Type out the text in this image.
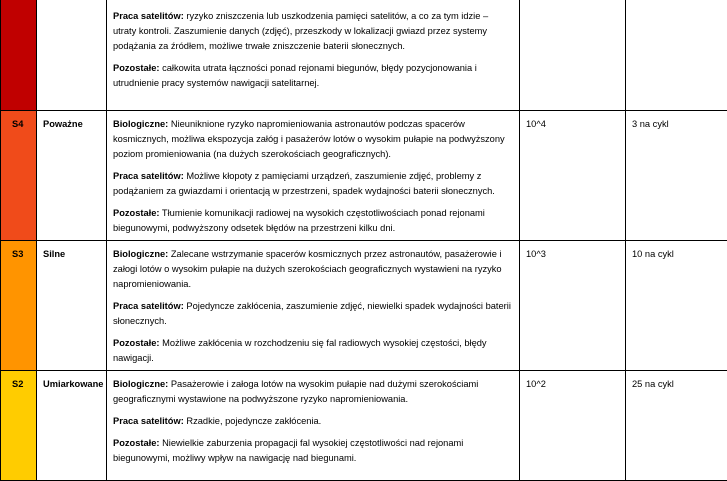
		Praca satelitów: ryzyko zniszczenia lub uszkodzenia pamięci satelitów, a co za tym idzie – utraty kontroli. Zaszumienie danych (zdjęć), przeszkody w lokalizacji gwiazd przez systemy podążania za źródłem, możliwe trwałe zniszczenie baterii słonecznych.
Pozostałe: całkowita utrata łączności ponad rejonami biegunów, błędy pozycjonowania i utrudnienie pracy systemów nawigacji satelitarnej.		

S4	Poważne	Biologiczne: Nieuniknione ryzyko napromieniowania astronautów podczas spacerów kosmicznych, możliwa ekspozycja załóg i pasażerów lotów o wysokim pułapie na podwyższony poziom promieniowania (na dużych szerokościach geograficznych).
Praca satelitów: Możliwe kłopoty z pamięciami urządzeń, zaszumienie zdjęć, problemy z podążaniem za gwiazdami i orientacją w przestrzeni, spadek wydajności baterii słonecznych.
Pozostałe: Tłumienie komunikacji radiowej na wysokich częstotliwościach ponad rejonami biegunowymi, podwyższony odsetek błędów na przestrzeni kilku dni.	10^4	3 na cykl
S3	Silne	Biologiczne: Zalecane wstrzymanie spacerów kosmicznych przez astronautów, pasażerowie i załogi lotów o wysokim pułapie na dużych szerokościach geograficznych wystawieni na ryzyko napromieniowania.
Praca satelitów: Pojedyncze zakłócenia, zaszumienie zdjęć, niewielki spadek wydajności baterii słonecznych.
Pozostałe: Możliwe zakłócenia w rozchodzeniu się fal radiowych wysokiej częstości, błędy nawigacji.	10^3	10 na cykl
S2	Umiarkowane	Biologiczne: Pasażerowie i załoga lotów na wysokim pułapie nad dużymi szerokościami geograficznymi wystawione na podwyższone ryzyko napromieniowania.
Praca satelitów: Rzadkie, pojedyncze zakłócenia.
Pozostałe: Niewielkie zaburzenia propagacji fal wysokiej częstotliwości nad rejonami biegunowymi, możliwy wpływ na nawigację nad biegunami.	10^2	25 na cykl
